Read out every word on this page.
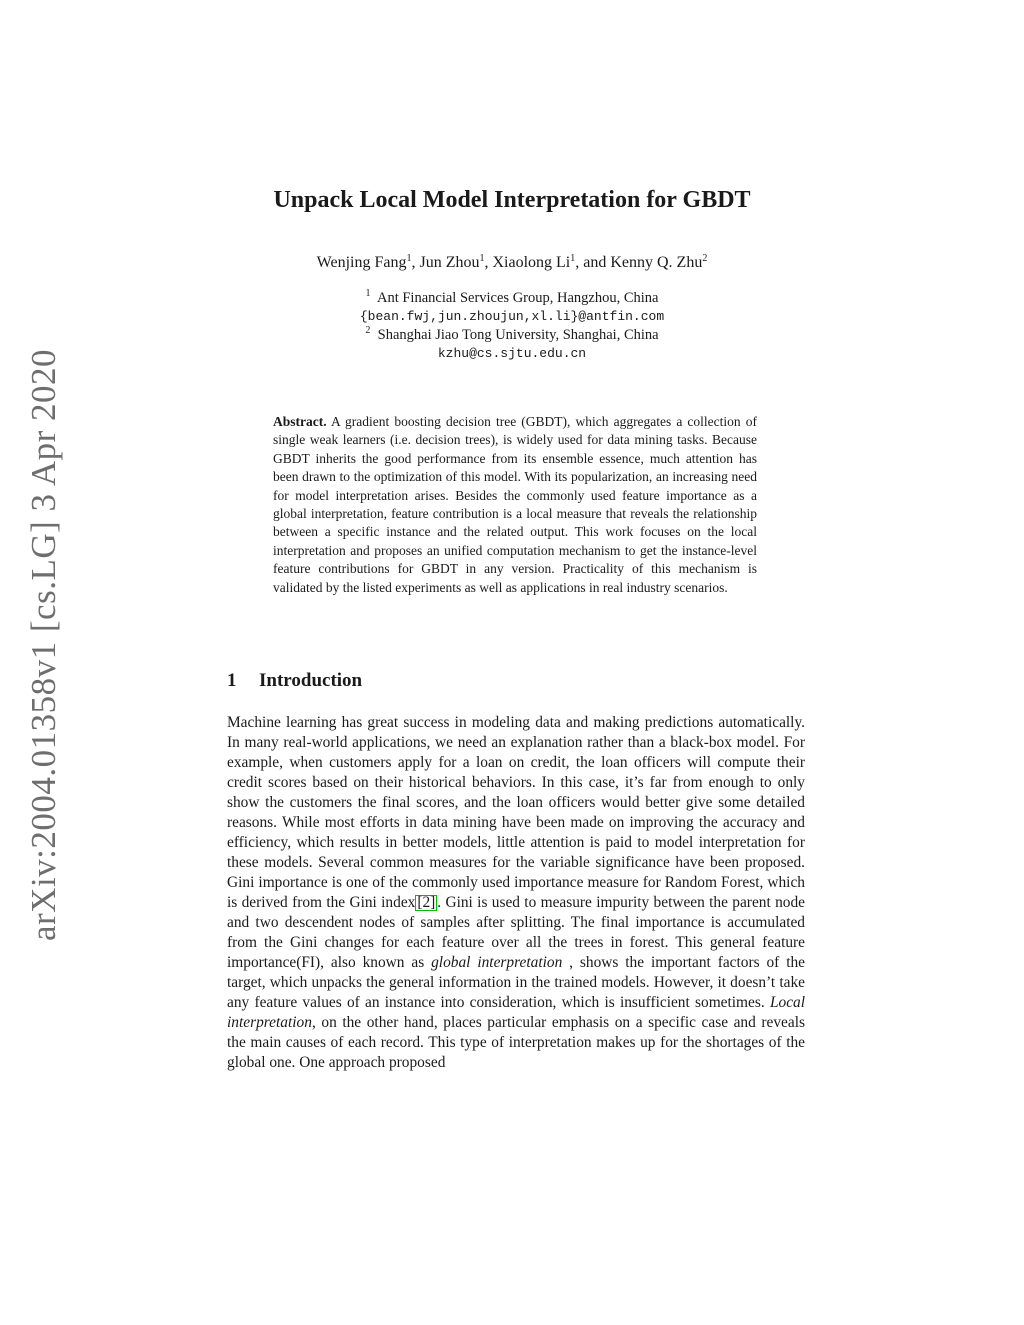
arXiv:2004.01358v1 [cs.LG] 3 Apr 2020
Unpack Local Model Interpretation for GBDT
Wenjing Fang$^1$, Jun Zhou$^1$, Xiaolong Li$^1$, and Kenny Q. Zhu$^2$
$^1$ Ant Financial Services Group, Hangzhou, China
{bean.fwj,jun.zhoujun,xl.li}@antfin.com
$^2$ Shanghai Jiao Tong University, Shanghai, China
kzhu@cs.sjtu.edu.cn

Abstract. A gradient boosting decision tree (GBDT), which aggregates a collection of single weak learners (i.e. decision trees), is widely used for data mining tasks. Because GBDT inherits the good performance from its ensemble essence, much attention has been drawn to the optimization of this model. With its popularization, an increasing need for model interpretation arises. Besides the commonly used feature importance as a global interpretation, feature contribution is a local measure that reveals the relationship between a specific instance and the related output. This work focuses on the local interpretation and proposes an unified computation mechanism to get the instance-level feature contributions for GBDT in any version. Practicality of this mechanism is validated by the listed experiments as well as applications in real industry scenarios.

1 Introduction

Machine learning has great success in modeling data and making predictions automatically. In many real-world applications, we need an explanation rather than a black-box model. For example, when customers apply for a loan on credit, the loan officers will compute their credit scores based on their historical behaviors. In this case, it’s far from enough to only show the customers the final scores, and the loan officers would better give some detailed reasons. While most efforts in data mining have been made on improving the accuracy and efficiency, which results in better models, little attention is paid to model interpretation for these models. Several common measures for the variable significance have been proposed. Gini importance is one of the commonly used importance measure for Random Forest, which is derived from the Gini index [2] . Gini is used to measure impurity between the parent node and two descendent nodes of samples after splitting. The final importance is accumulated from the Gini changes for each feature over all the trees in forest. This general feature importance(FI), also known as global interpretation , shows the important factors of the target, which unpacks the general information in the trained models. However, it doesn’t take any feature values of an instance into consideration, which is insufficient sometimes. Local interpretation, on the other hand, places particular emphasis on a specific case and reveals the main causes of each record. This type of interpretation makes up for the shortages of the global one. One approach proposed
